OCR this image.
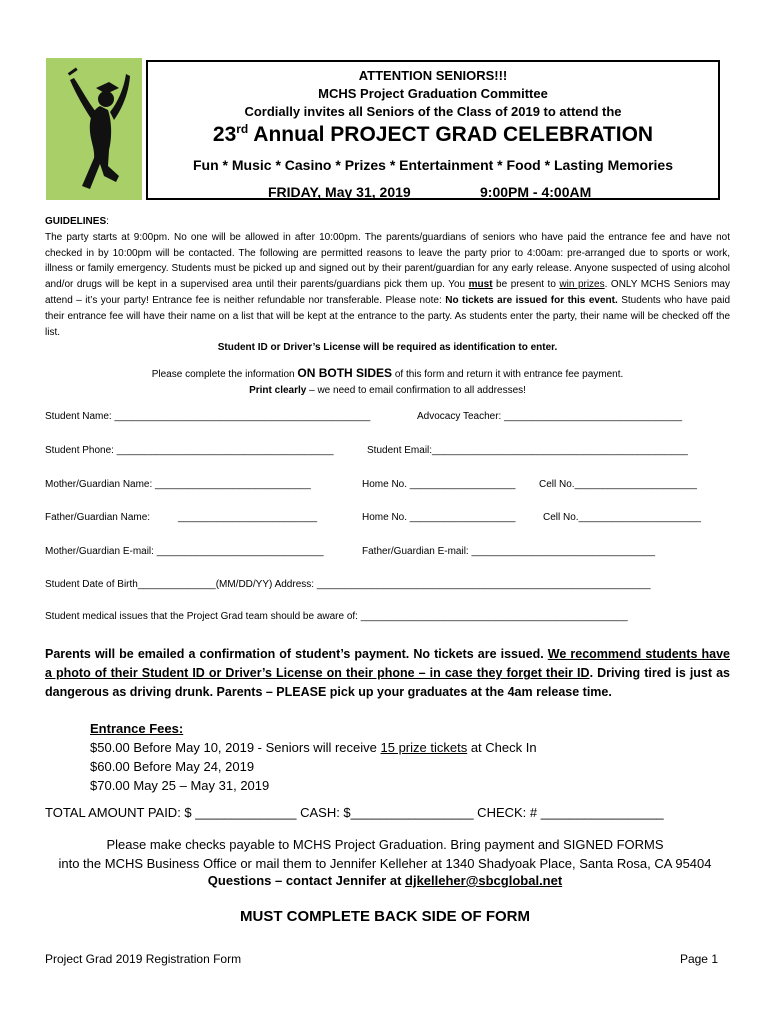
ATTENTION SENIORS!!!
MCHS Project Graduation Committee
Cordially invites all Seniors of the Class of 2019 to attend the
23rd Annual PROJECT GRAD CELEBRATION
Fun * Music * Casino * Prizes * Entertainment * Food * Lasting Memories
FRIDAY, May 31, 2019	9:00PM - 4:00AM

GUIDELINES:

The party starts at 9:00pm. No one will be allowed in after 10:00pm. The parents/guardians of seniors who have paid the entrance fee and have not checked in by 10:00pm will be contacted. The following are permitted reasons to leave the party prior to 4:00am: pre-arranged due to sports or work, illness or family emergency. Students must be picked up and signed out by their parent/guardian for any early release. Anyone suspected of using alcohol and/or drugs will be kept in a supervised area until their parents/guardians pick them up. You must be present to win prizes. ONLY MCHS Seniors may attend – it’s your party! Entrance fee is neither refundable nor transferable. Please note: No tickets are issued for this event. Students who have paid their entrance fee will have their name on a list that will be kept at the entrance to the party. As students enter the party, their name will be checked off the list.

Student ID or Driver’s License will be required as identification to enter.

Please complete the information ON BOTH SIDES of this form and return it with entrance fee payment.
Print clearly – we need to email confirmation to all addresses!
Student Name: ______________________________________________	Advocacy Teacher: ________________________________
Student Phone: _______________________________________	Student Email:______________________________________________
Mother/Guardian Name: ____________________________	Home No. ___________________ Cell No.______________________
Father/Guardian Name:	_________________________	Home No. ___________________	Cell No.______________________
Mother/Guardian E-mail: ______________________________	Father/Guardian E-mail: _________________________________
Student Date of Birth______________(MM/DD/YY) Address: ____________________________________________________________
Student medical issues that the Project Grad team should be aware of: ________________________________________________
Parents will be emailed a confirmation of student’s payment. No tickets are issued. We recommend students have a photo of their Student ID or Driver’s License on their phone – in case they forget their ID. Driving tired is just as dangerous as driving drunk. Parents – PLEASE pick up your graduates at the 4am release time.
Entrance Fees:
$50.00 Before May 10, 2019 - Seniors will receive 15 prize tickets at Check In
$60.00 Before May 24, 2019
$70.00 May 25 – May 31, 2019
TOTAL AMOUNT PAID: $ ______________ CASH: $_________________ CHECK: # _________________
Please make checks payable to MCHS Project Graduation. Bring payment and SIGNED FORMS
into the MCHS Business Office or mail them to Jennifer Kelleher at 1340 Shadyoak Place, Santa Rosa, CA 95404
Questions – contact Jennifer at djkelleher@sbcglobal.net
MUST COMPLETE BACK SIDE OF FORM
Project Grad 2019 Registration Form	Page 1
